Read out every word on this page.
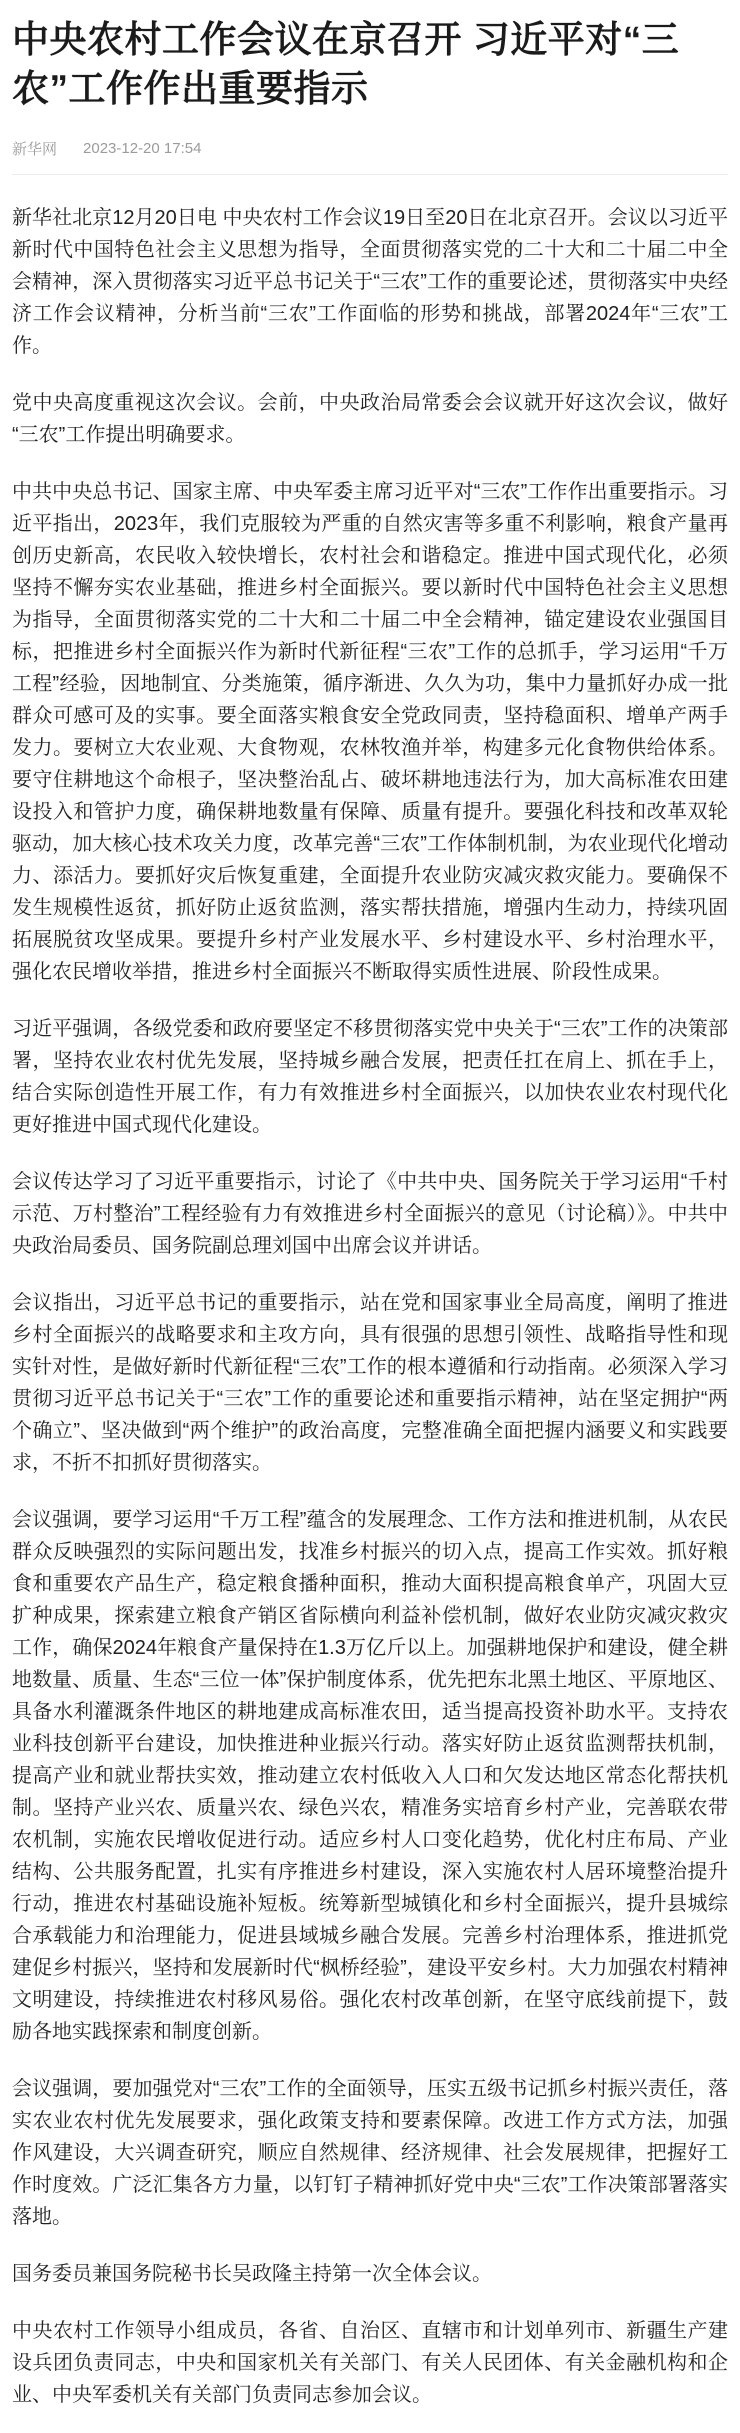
中央农村工作会议在京召开 习近平对“三农”工作作出重要指示
新华网 2023-12-20 17:54

新华社北京12月20日电 中央农村工作会议19日至20日在北京召开。会议以习近平新时代中国特色社会主义思想为指导，全面贯彻落实党的二十大和二十届二中全会精神，深入贯彻落实习近平总书记关于“三农”工作的重要论述，贯彻落实中央经济工作会议精神，分析当前“三农”工作面临的形势和挑战，部署2024年“三农”工作。

党中央高度重视这次会议。会前，中央政治局常委会会议就开好这次会议，做好“三农”工作提出明确要求。

中共中央总书记、国家主席、中央军委主席习近平对“三农”工作作出重要指示。习近平指出，2023年，我们克服较为严重的自然灾害等多重不利影响，粮食产量再创历史新高，农民收入较快增长，农村社会和谐稳定。推进中国式现代化，必须坚持不懈夯实农业基础，推进乡村全面振兴。要以新时代中国特色社会主义思想为指导，全面贯彻落实党的二十大和二十届二中全会精神，锚定建设农业强国目标，把推进乡村全面振兴作为新时代新征程“三农”工作的总抓手，学习运用“千万工程”经验，因地制宜、分类施策，循序渐进、久久为功，集中力量抓好办成一批群众可感可及的实事。要全面落实粮食安全党政同责，坚持稳面积、增单产两手发力。要树立大农业观、大食物观，农林牧渔并举，构建多元化食物供给体系。要守住耕地这个命根子，坚决整治乱占、破坏耕地违法行为，加大高标准农田建设投入和管护力度，确保耕地数量有保障、质量有提升。要强化科技和改革双轮驱动，加大核心技术攻关力度，改革完善“三农”工作体制机制，为农业现代化增动力、添活力。要抓好灾后恢复重建，全面提升农业防灾减灾救灾能力。要确保不发生规模性返贫，抓好防止返贫监测，落实帮扶措施，增强内生动力，持续巩固拓展脱贫攻坚成果。要提升乡村产业发展水平、乡村建设水平、乡村治理水平，强化农民增收举措，推进乡村全面振兴不断取得实质性进展、阶段性成果。

习近平强调，各级党委和政府要坚定不移贯彻落实党中央关于“三农”工作的决策部署，坚持农业农村优先发展，坚持城乡融合发展，把责任扛在肩上、抓在手上，结合实际创造性开展工作，有力有效推进乡村全面振兴，以加快农业农村现代化更好推进中国式现代化建设。

会议传达学习了习近平重要指示，讨论了《中共中央、国务院关于学习运用“千村示范、万村整治”工程经验有力有效推进乡村全面振兴的意见（讨论稿）》。中共中央政治局委员、国务院副总理刘国中出席会议并讲话。

会议指出，习近平总书记的重要指示，站在党和国家事业全局高度，阐明了推进乡村全面振兴的战略要求和主攻方向，具有很强的思想引领性、战略指导性和现实针对性，是做好新时代新征程“三农”工作的根本遵循和行动指南。必须深入学习贯彻习近平总书记关于“三农”工作的重要论述和重要指示精神，站在坚定拥护“两个确立”、坚决做到“两个维护”的政治高度，完整准确全面把握内涵要义和实践要求，不折不扣抓好贯彻落实。

会议强调，要学习运用“千万工程”蕴含的发展理念、工作方法和推进机制，从农民群众反映强烈的实际问题出发，找准乡村振兴的切入点，提高工作实效。抓好粮食和重要农产品生产，稳定粮食播种面积，推动大面积提高粮食单产，巩固大豆扩种成果，探索建立粮食产销区省际横向利益补偿机制，做好农业防灾减灾救灾工作，确保2024年粮食产量保持在1.3万亿斤以上。加强耕地保护和建设，健全耕地数量、质量、生态“三位一体”保护制度体系，优先把东北黑土地区、平原地区、具备水利灌溉条件地区的耕地建成高标准农田，适当提高投资补助水平。支持农业科技创新平台建设，加快推进种业振兴行动。落实好防止返贫监测帮扶机制，提高产业和就业帮扶实效，推动建立农村低收入人口和欠发达地区常态化帮扶机制。坚持产业兴农、质量兴农、绿色兴农，精准务实培育乡村产业，完善联农带农机制，实施农民增收促进行动。适应乡村人口变化趋势，优化村庄布局、产业结构、公共服务配置，扎实有序推进乡村建设，深入实施农村人居环境整治提升行动，推进农村基础设施补短板。统筹新型城镇化和乡村全面振兴，提升县城综合承载能力和治理能力，促进县域城乡融合发展。完善乡村治理体系，推进抓党建促乡村振兴，坚持和发展新时代“枫桥经验”，建设平安乡村。大力加强农村精神文明建设，持续推进农村移风易俗。强化农村改革创新，在坚守底线前提下，鼓励各地实践探索和制度创新。

会议强调，要加强党对“三农”工作的全面领导，压实五级书记抓乡村振兴责任，落实农业农村优先发展要求，强化政策支持和要素保障。改进工作方式方法，加强作风建设，大兴调查研究，顺应自然规律、经济规律、社会发展规律，把握好工作时度效。广泛汇集各方力量，以钉钉子精神抓好党中央“三农”工作决策部署落实落地。

国务委员兼国务院秘书长吴政隆主持第一次全体会议。

中央农村工作领导小组成员，各省、自治区、直辖市和计划单列市、新疆生产建设兵团负责同志，中央和国家机关有关部门、有关人民团体、有关金融机构和企业、中央军委机关有关部门负责同志参加会议。
